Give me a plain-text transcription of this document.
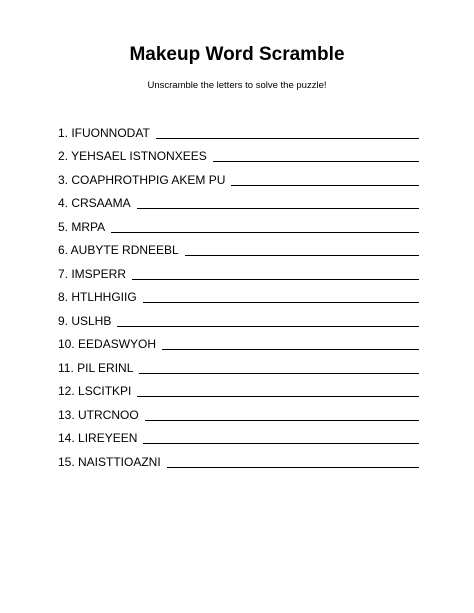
Makeup Word Scramble
Unscramble the letters to solve the puzzle!
1. IFUONNODAT
2. YEHSAEL ISTNONXEES
3. COAPHROTHPIG AKEM PU
4. CRSAAMA
5. MRPA
6. AUBYTE RDNEEBL
7. IMSPERR
8. HTLHHGIIG
9. USLHB
10. EEDASWYOH
11. PIL ERINL
12. LSCITKPI
13. UTRCNOO
14. LIREYEEN
15. NAISTTIOAZNI
